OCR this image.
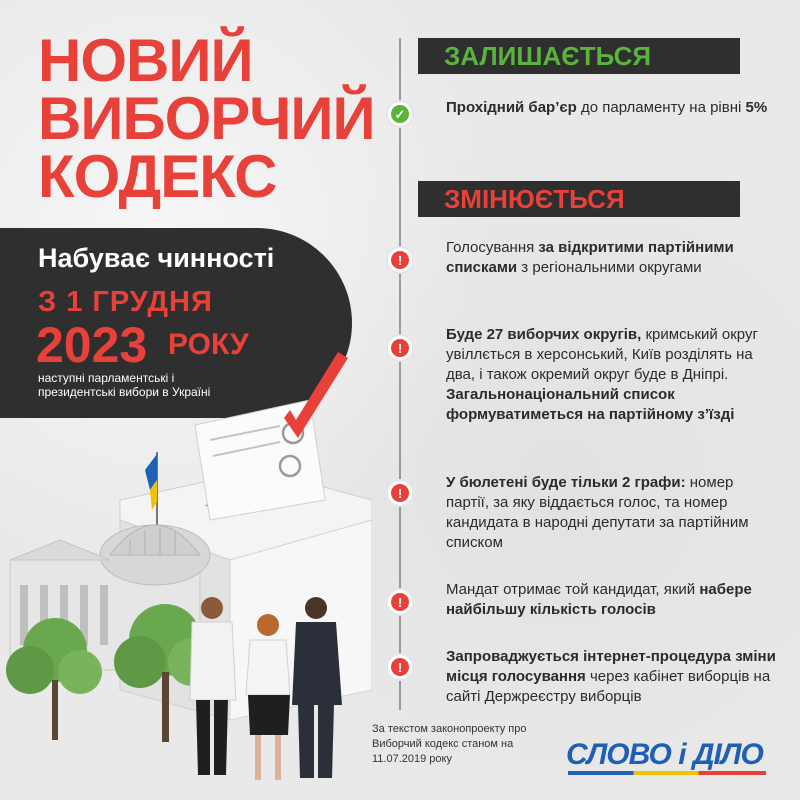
НОВИЙ
ВИБОРЧИЙ
КОДЕКС
Набуває чинності
З 1 ГРУДНЯ
2023 РОКУ
наступні парламентські і президентські вибори в Україні
ЗАЛИШАЄТЬСЯ
✓	Прохідний бар’єр до парламенту на рівні 5%
ЗМІНЮЄТЬСЯ
!
Голосування за відкритими партійними списками з регіональними округами
!
Буде 27 виборчих округів, кримський округ увіллється в херсонський, Київ розділять на два, і також окремий округ буде в Дніпрі. Загальнонаціональний список формуватиметься на партійному з’їзді
!
У бюлетені буде тільки 2 графи: номер партії, за яку віддається голос, та номер кандидата в народні депутати за партійним списком
!
Мандат отримає той кандидат, який набере найбільшу кількість голосів
!
Запроваджується інтернет-процедура зміни місця голосування через кабінет виборців на сайті Держреєстру виборців
За текстом законопроекту про Виборчий кодекс станом на 11.07.2019 року	СЛОВО і ДІЛО
